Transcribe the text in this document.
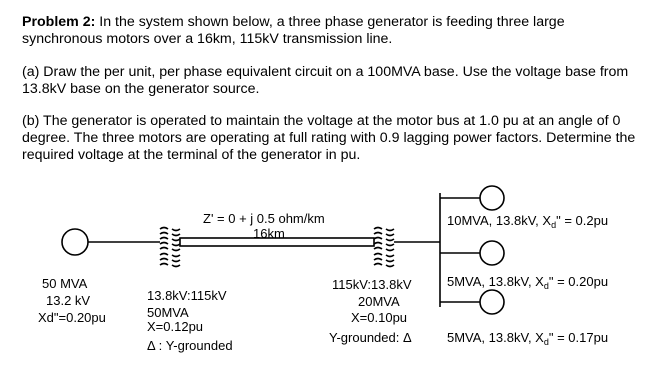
Problem 2: In the system shown below, a three phase generator is feeding three large synchronous motors over a 16km, 115kV transmission line.

(a) Draw the per unit, per phase equivalent circuit on a 100MVA base. Use the voltage base from 13.8kV base on the generator source.

(b) The generator is operated to maintain the voltage at the motor bus at 1.0 pu at an angle of 0 degree. The three motors are operating at full rating with 0.9 lagging power factors. Determine the required voltage at the terminal of the generator in pu.

Z' = 0 + j 0.5 ohm/km
16km
50 MVA
13.2 kV
Xd"=0.20pu
13.8kV:115kV
50MVA
X=0.12pu
Δ : Y-grounded
115kV:13.8kV
20MVA
X=0.10pu
Y-grounded: Δ
10MVA, 13.8kV, $X_d$" = 0.2pu
5MVA, 13.8kV, $X_d$" = 0.20pu
5MVA, 13.8kV, $X_d$" = 0.17pu
